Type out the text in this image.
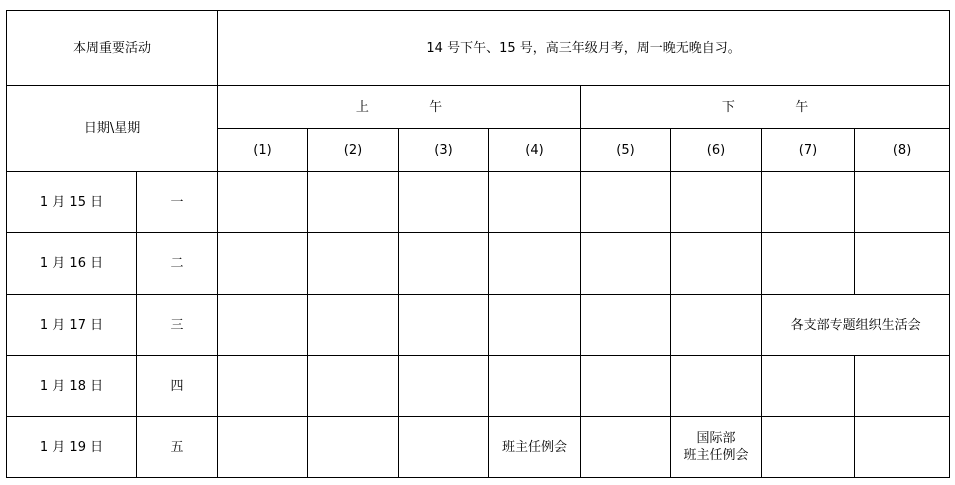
本周重要活动		14 号下午、15 号，高三年级月考，周一晚无晚自习。							
日期\星期		上 午				下 午			
		(1)	(2)	(3)	(4)	(5)	(6)	(7)	(8)
1 月 15 日	一								
1 月 16 日	二								
1 月 17 日	三							各支部专题组织生活会	
1 月 18 日	四								
1 月 19 日	五				班主任例会		国际部
班主任例会		
